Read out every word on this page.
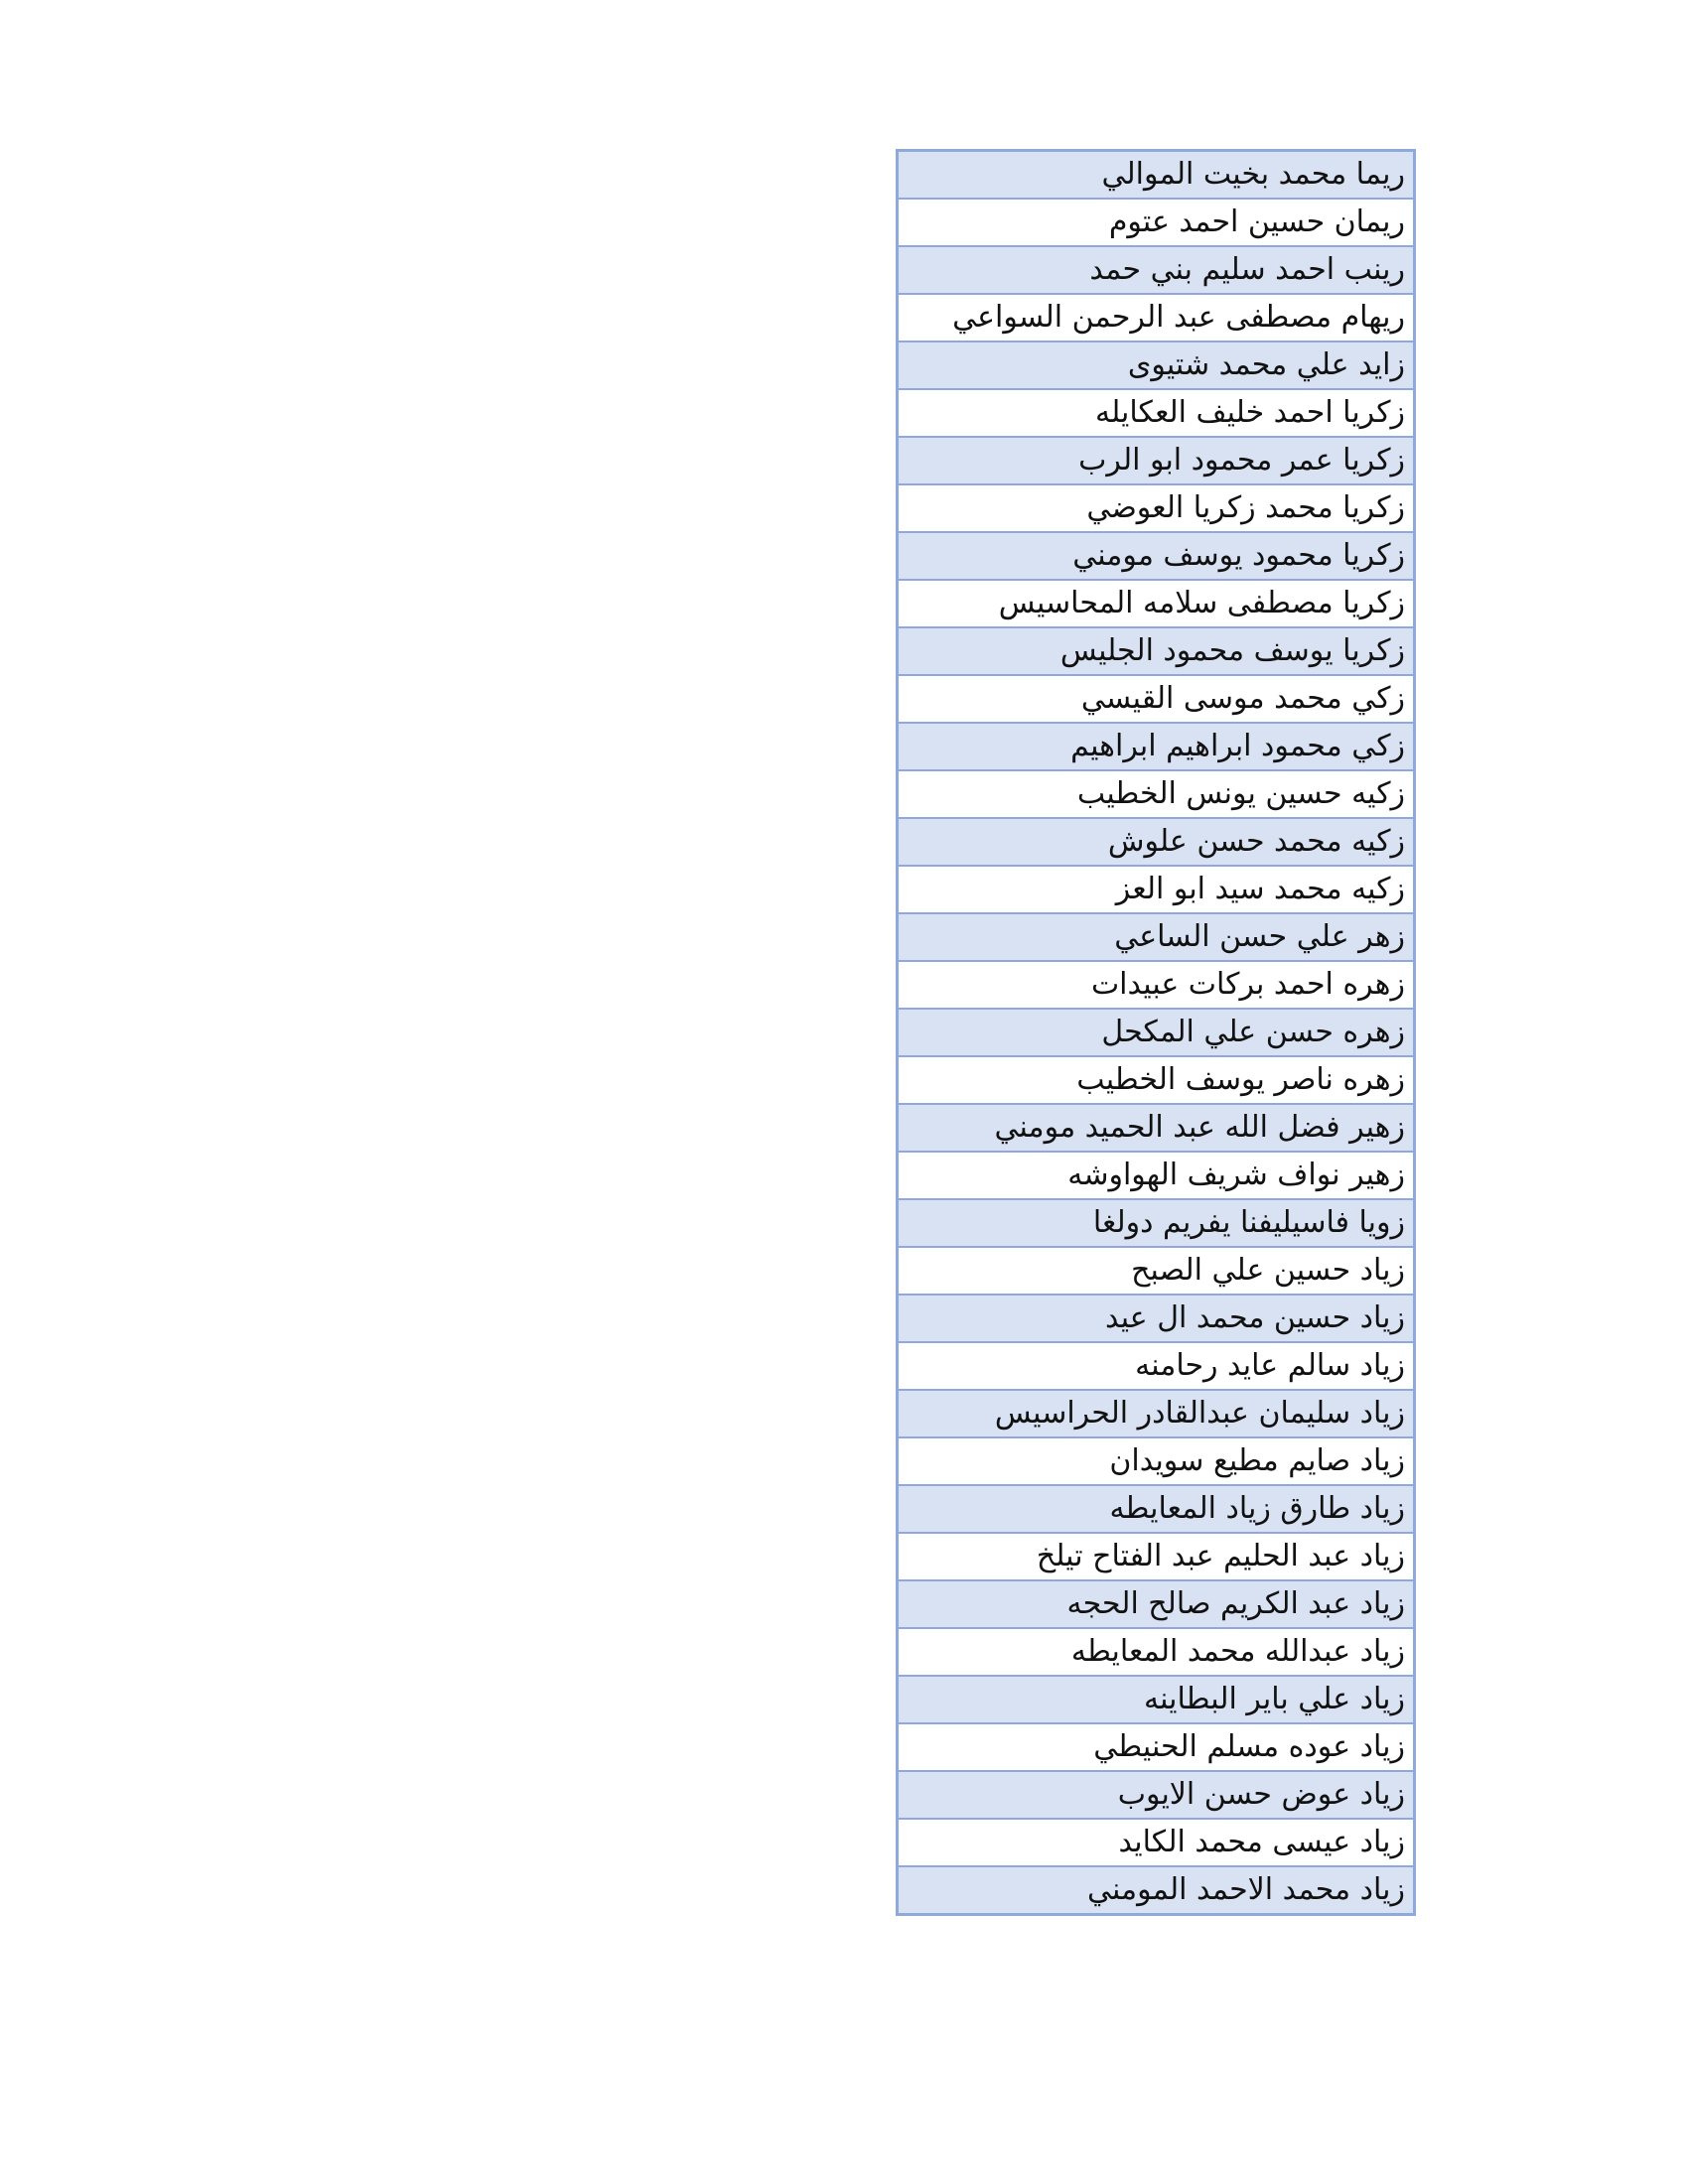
ريما محمد بخيت الموالي
ريمان حسين احمد عتوم
رينب احمد سليم بني حمد
ريهام مصطفى عبد الرحمن السواعي
زايد علي محمد شتيوى
زكريا احمد خليف العكايله
زكريا عمر محمود ابو الرب
زكريا محمد زكريا العوضي
زكريا محمود يوسف مومني
زكريا مصطفى سلامه المحاسيس
زكريا يوسف محمود الجليس
زكي محمد موسى القيسي
زكي محمود ابراهيم ابراهيم
زكيه حسين يونس الخطيب
زكيه محمد حسن علوش
زكيه محمد سيد ابو العز
زهر علي حسن الساعي
زهره احمد بركات عبيدات
زهره حسن علي المكحل
زهره ناصر يوسف الخطيب
زهير فضل الله عبد الحميد مومني
زهير نواف شريف الهواوشه
زويا فاسيليفنا يفريم دولغا
زياد حسين علي الصبح
زياد حسين محمد ال عيد
زياد سالم عايد رحامنه
زياد سليمان عبدالقادر الحراسيس
زياد صايم مطيع سويدان
زياد طارق زياد المعايطه
زياد عبد الحليم عبد الفتاح تيلخ
زياد عبد الكريم صالح الحجه
زياد عبدالله محمد المعايطه
زياد علي باير البطاينه
زياد عوده مسلم الحنيطي
زياد عوض حسن الايوب
زياد عيسى محمد الكايد
زياد محمد الاحمد المومني
